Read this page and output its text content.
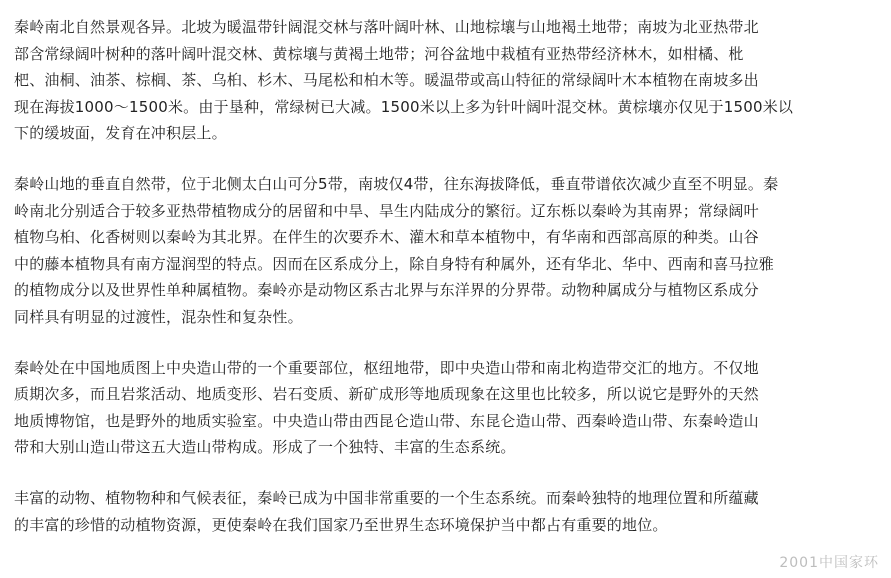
秦岭南北自然景观各异。北坡为暖温带针阔混交林与落叶阔叶林、山地棕壤与山地褐土地带；南坡为北亚热带北
部含常绿阔叶树种的落叶阔叶混交林、黄棕壤与黄褐土地带；河谷盆地中栽植有亚热带经济林木，如柑橘、枇
杷、油桐、油茶、棕榈、茶、乌桕、杉木、马尾松和柏木等。暖温带或高山特征的常绿阔叶木本植物在南坡多出
现在海拔1000～1500米。由于垦种，常绿树已大减。1500米以上多为针叶阔叶混交林。黄棕壤亦仅见于1500米以
下的缓坡面，发育在冲积层上。
秦岭山地的垂直自然带，位于北侧太白山可分5带，南坡仅4带，往东海拔降低，垂直带谱依次减少直至不明显。秦
岭南北分别适合于较多亚热带植物成分的居留和中旱、旱生内陆成分的繁衍。辽东栎以秦岭为其南界；常绿阔叶
植物乌桕、化香树则以秦岭为其北界。在伴生的次要乔木、灌木和草本植物中，有华南和西部高原的种类。山谷
中的藤本植物具有南方湿润型的特点。因而在区系成分上，除自身特有种属外，还有华北、华中、西南和喜马拉雅
的植物成分以及世界性单种属植物。秦岭亦是动物区系古北界与东洋界的分界带。动物种属成分与植物区系成分
同样具有明显的过渡性，混杂性和复杂性。
秦岭处在中国地质图上中央造山带的一个重要部位，枢纽地带，即中央造山带和南北构造带交汇的地方。不仅地
质期次多，而且岩浆活动、地质变形、岩石变质、新矿成形等地质现象在这里也比较多，所以说它是野外的天然
地质博物馆，也是野外的地质实验室。中央造山带由西昆仑造山带、东昆仑造山带、西秦岭造山带、东秦岭造山
带和大别山造山带这五大造山带构成。形成了一个独特、丰富的生态系统。
丰富的动物、植物物种和气候表征，秦岭已成为中国非常重要的一个生态系统。而秦岭独特的地理位置和所蕴藏
的丰富的珍惜的动植物资源，更使秦岭在我们国家乃至世界生态环境保护当中都占有重要的地位。
2001中国家环
